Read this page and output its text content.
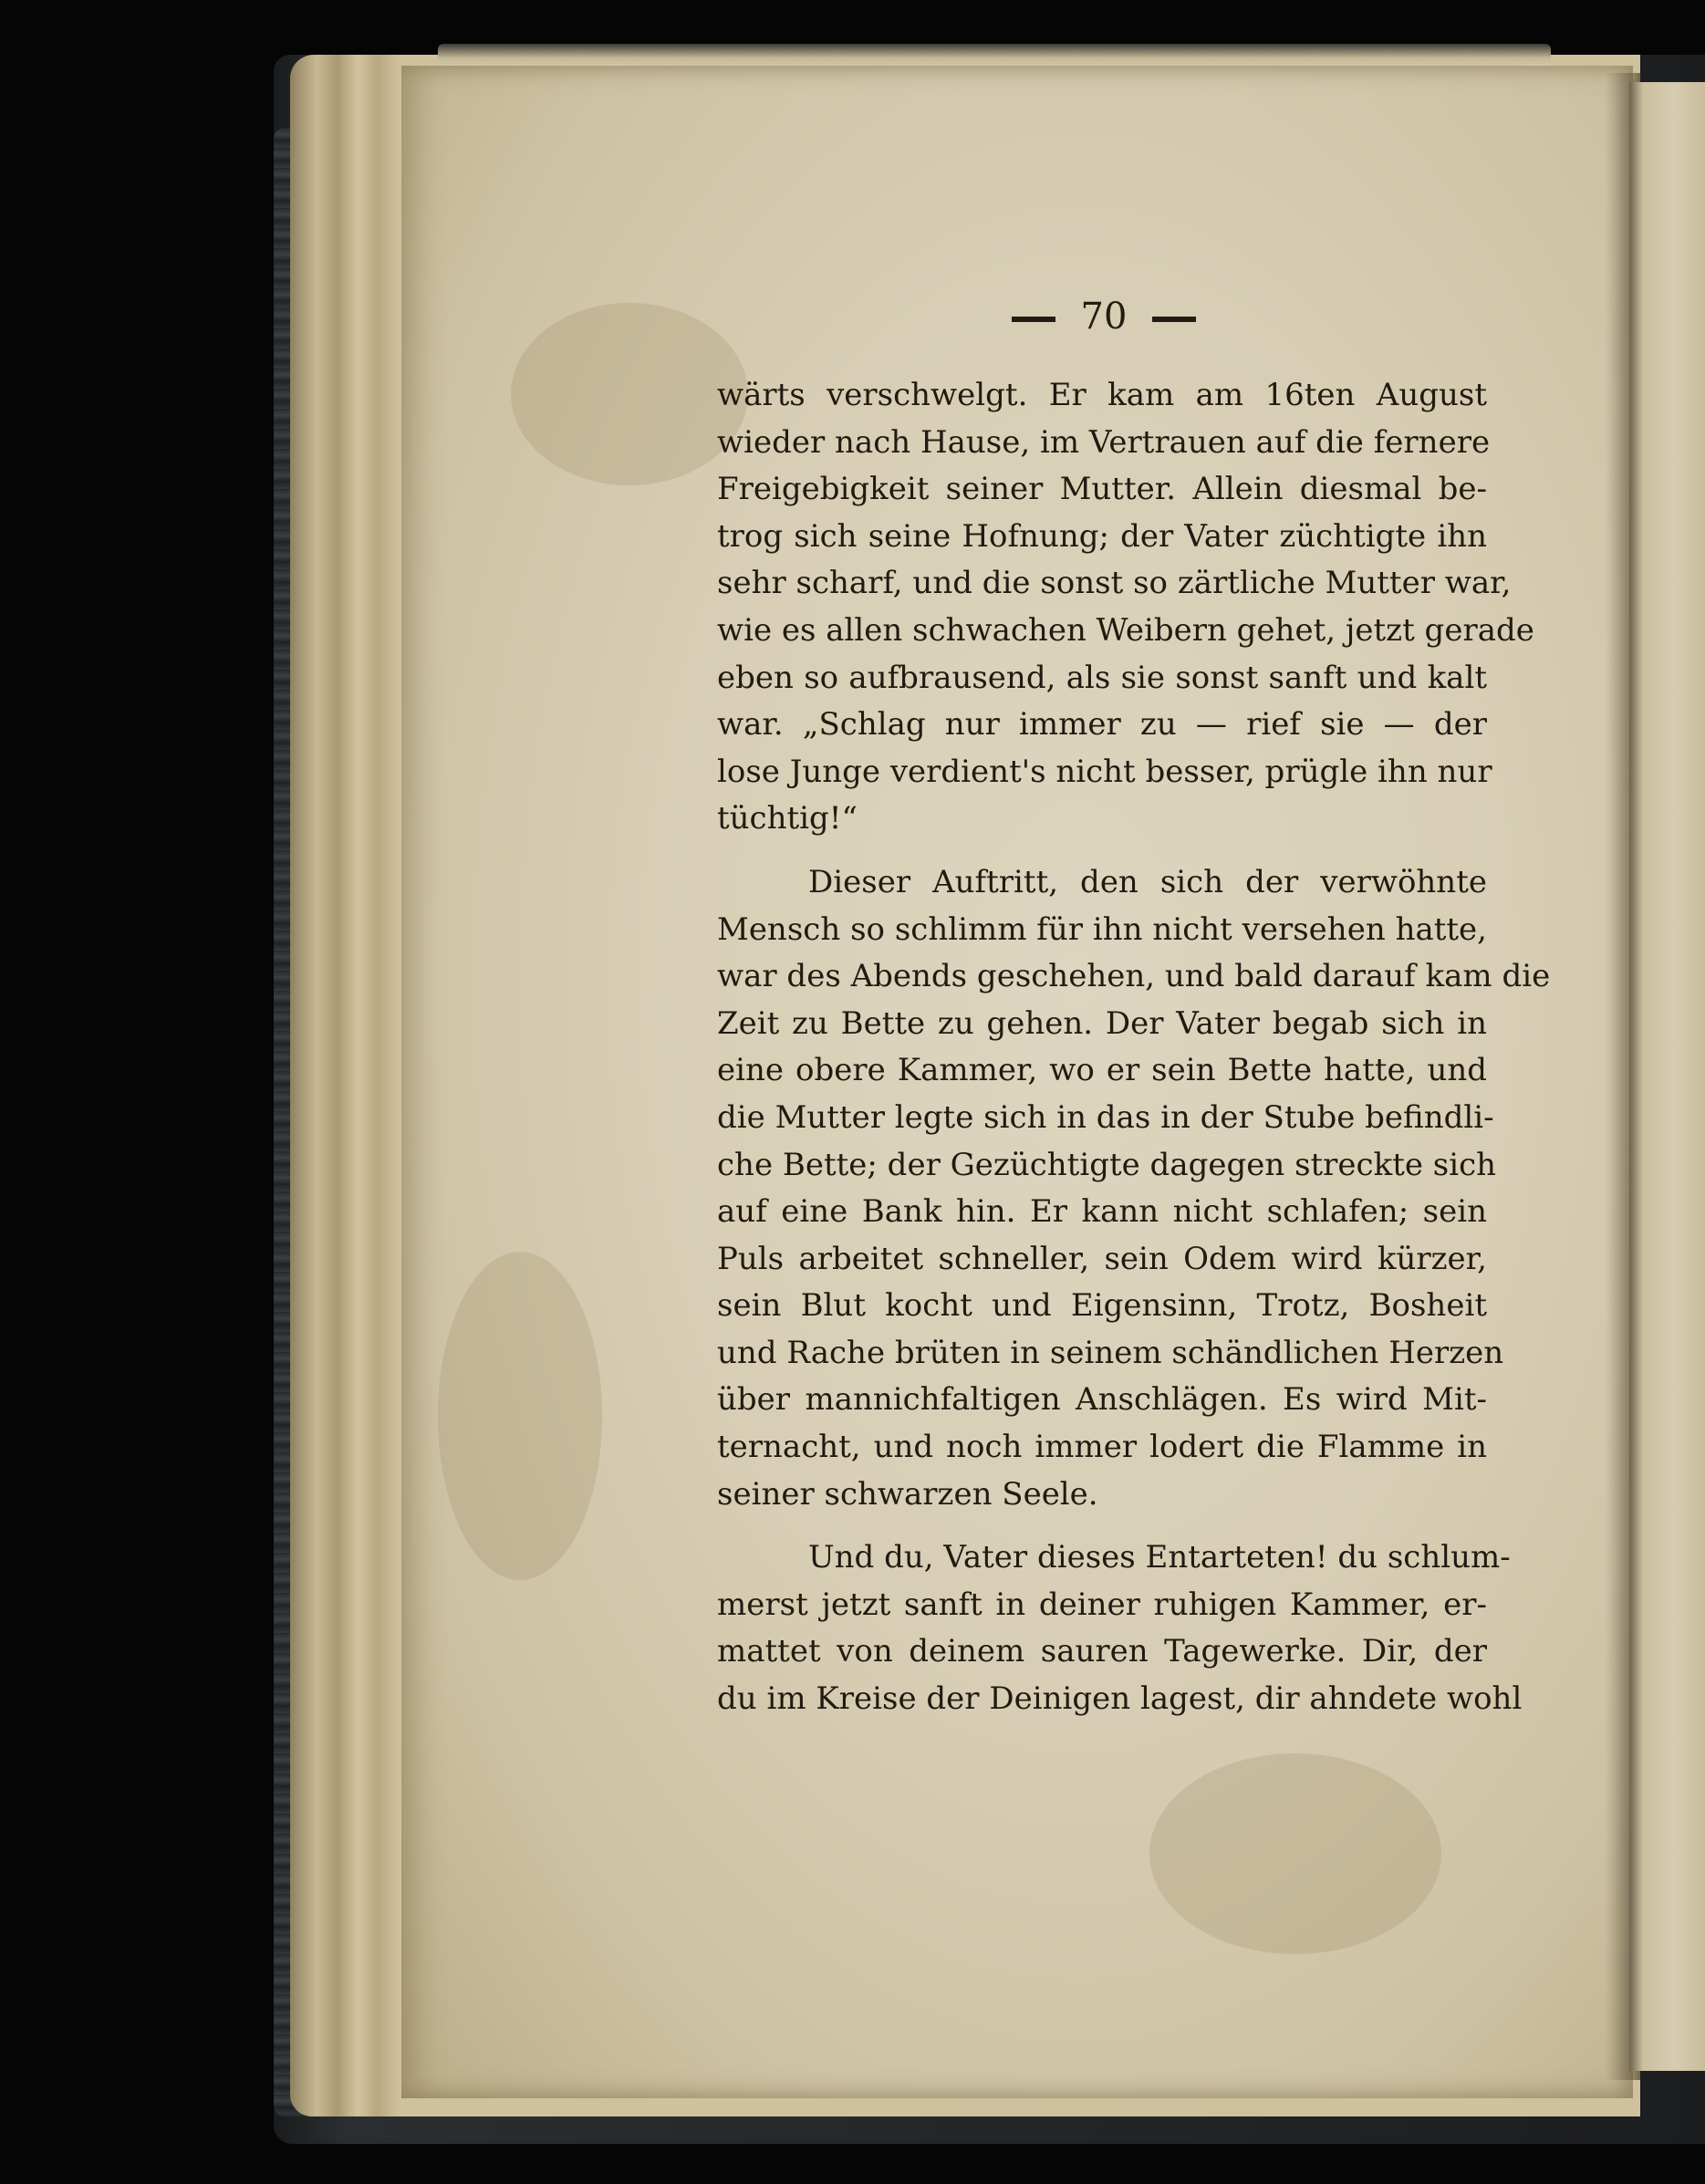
70
wärts verschwelgt. Er kam am 16ten August
wieder nach Hause, im Vertrauen auf die fernere
Freigebigkeit seiner Mutter. Allein diesmal be-
trog sich seine Hofnung; der Vater züchtigte ihn
sehr scharf, und die sonst so zärtliche Mutter war,
wie es allen schwachen Weibern gehet, jetzt gerade
eben so aufbrausend, als sie sonst sanft und kalt
war. „Schlag nur immer zu — rief sie — der
lose Junge verdient's nicht besser, prügle ihn nur
tüchtig!“
Dieser Auftritt, den sich der verwöhnte
Mensch so schlimm für ihn nicht versehen hatte,
war des Abends geschehen, und bald darauf kam die
Zeit zu Bette zu gehen. Der Vater begab sich in
eine obere Kammer, wo er sein Bette hatte, und
die Mutter legte sich in das in der Stube befindli-
che Bette; der Gezüchtigte dagegen streckte sich
auf eine Bank hin. Er kann nicht schlafen; sein
Puls arbeitet schneller, sein Odem wird kürzer,
sein Blut kocht und Eigensinn, Trotz, Bosheit
und Rache brüten in seinem schändlichen Herzen
über mannichfaltigen Anschlägen. Es wird Mit-
ternacht, und noch immer lodert die Flamme in
seiner schwarzen Seele.
Und du, Vater dieses Entarteten! du schlum-
merst jetzt sanft in deiner ruhigen Kammer, er-
mattet von deinem sauren Tagewerke. Dir, der
du im Kreise der Deinigen lagest, dir ahndete wohl
